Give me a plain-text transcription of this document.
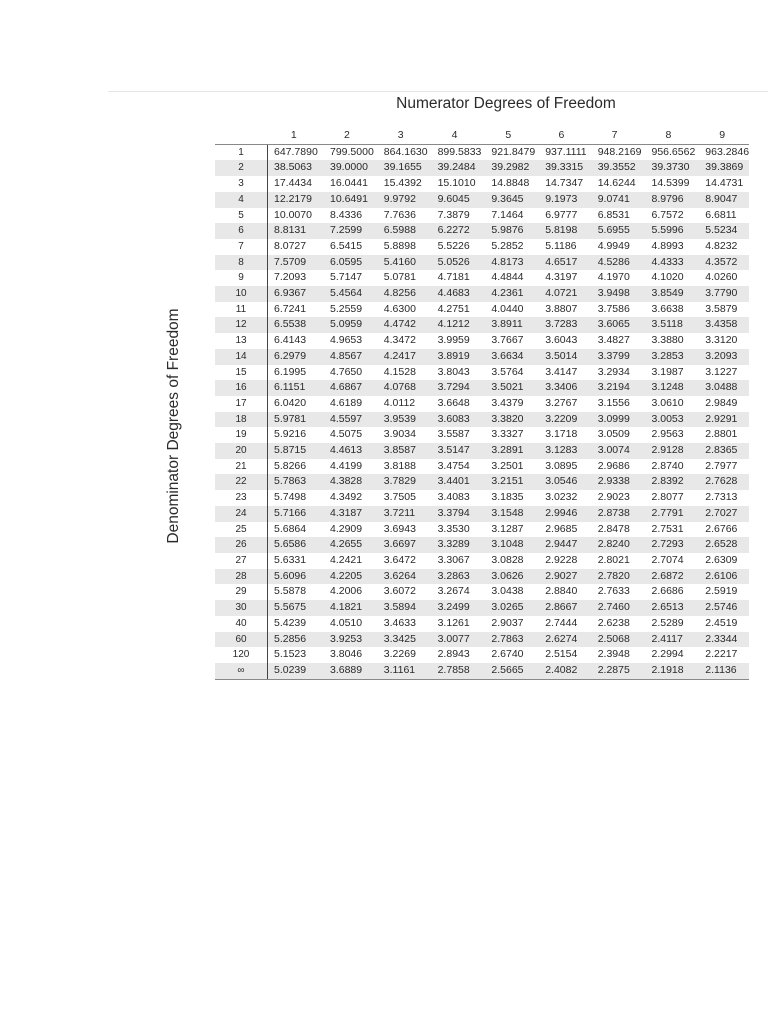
Numerator Degrees of Freedom
Denominator Degrees of Freedom
	1	2	3	4	5	6	7	8	9
1	647.7890	799.5000	864.1630	899.5833	921.8479	937.1111	948.2169	956.6562	963.2846
2	38.5063	39.0000	39.1655	39.2484	39.2982	39.3315	39.3552	39.3730	39.3869
3	17.4434	16.0441	15.4392	15.1010	14.8848	14.7347	14.6244	14.5399	14.4731
4	12.2179	10.6491	9.9792	9.6045	9.3645	9.1973	9.0741	8.9796	8.9047
5	10.0070	8.4336	7.7636	7.3879	7.1464	6.9777	6.8531	6.7572	6.6811
6	8.8131	7.2599	6.5988	6.2272	5.9876	5.8198	5.6955	5.5996	5.5234
7	8.0727	6.5415	5.8898	5.5226	5.2852	5.1186	4.9949	4.8993	4.8232
8	7.5709	6.0595	5.4160	5.0526	4.8173	4.6517	4.5286	4.4333	4.3572
9	7.2093	5.7147	5.0781	4.7181	4.4844	4.3197	4.1970	4.1020	4.0260
10	6.9367	5.4564	4.8256	4.4683	4.2361	4.0721	3.9498	3.8549	3.7790
11	6.7241	5.2559	4.6300	4.2751	4.0440	3.8807	3.7586	3.6638	3.5879
12	6.5538	5.0959	4.4742	4.1212	3.8911	3.7283	3.6065	3.5118	3.4358
13	6.4143	4.9653	4.3472	3.9959	3.7667	3.6043	3.4827	3.3880	3.3120
14	6.2979	4.8567	4.2417	3.8919	3.6634	3.5014	3.3799	3.2853	3.2093
15	6.1995	4.7650	4.1528	3.8043	3.5764	3.4147	3.2934	3.1987	3.1227
16	6.1151	4.6867	4.0768	3.7294	3.5021	3.3406	3.2194	3.1248	3.0488
17	6.0420	4.6189	4.0112	3.6648	3.4379	3.2767	3.1556	3.0610	2.9849
18	5.9781	4.5597	3.9539	3.6083	3.3820	3.2209	3.0999	3.0053	2.9291
19	5.9216	4.5075	3.9034	3.5587	3.3327	3.1718	3.0509	2.9563	2.8801
20	5.8715	4.4613	3.8587	3.5147	3.2891	3.1283	3.0074	2.9128	2.8365
21	5.8266	4.4199	3.8188	3.4754	3.2501	3.0895	2.9686	2.8740	2.7977
22	5.7863	4.3828	3.7829	3.4401	3.2151	3.0546	2.9338	2.8392	2.7628
23	5.7498	4.3492	3.7505	3.4083	3.1835	3.0232	2.9023	2.8077	2.7313
24	5.7166	4.3187	3.7211	3.3794	3.1548	2.9946	2.8738	2.7791	2.7027
25	5.6864	4.2909	3.6943	3.3530	3.1287	2.9685	2.8478	2.7531	2.6766
26	5.6586	4.2655	3.6697	3.3289	3.1048	2.9447	2.8240	2.7293	2.6528
27	5.6331	4.2421	3.6472	3.3067	3.0828	2.9228	2.8021	2.7074	2.6309
28	5.6096	4.2205	3.6264	3.2863	3.0626	2.9027	2.7820	2.6872	2.6106
29	5.5878	4.2006	3.6072	3.2674	3.0438	2.8840	2.7633	2.6686	2.5919
30	5.5675	4.1821	3.5894	3.2499	3.0265	2.8667	2.7460	2.6513	2.5746
40	5.4239	4.0510	3.4633	3.1261	2.9037	2.7444	2.6238	2.5289	2.4519
60	5.2856	3.9253	3.3425	3.0077	2.7863	2.6274	2.5068	2.4117	2.3344
120	5.1523	3.8046	3.2269	2.8943	2.6740	2.5154	2.3948	2.2994	2.2217
∞	5.0239	3.6889	3.1161	2.7858	2.5665	2.4082	2.2875	2.1918	2.1136
